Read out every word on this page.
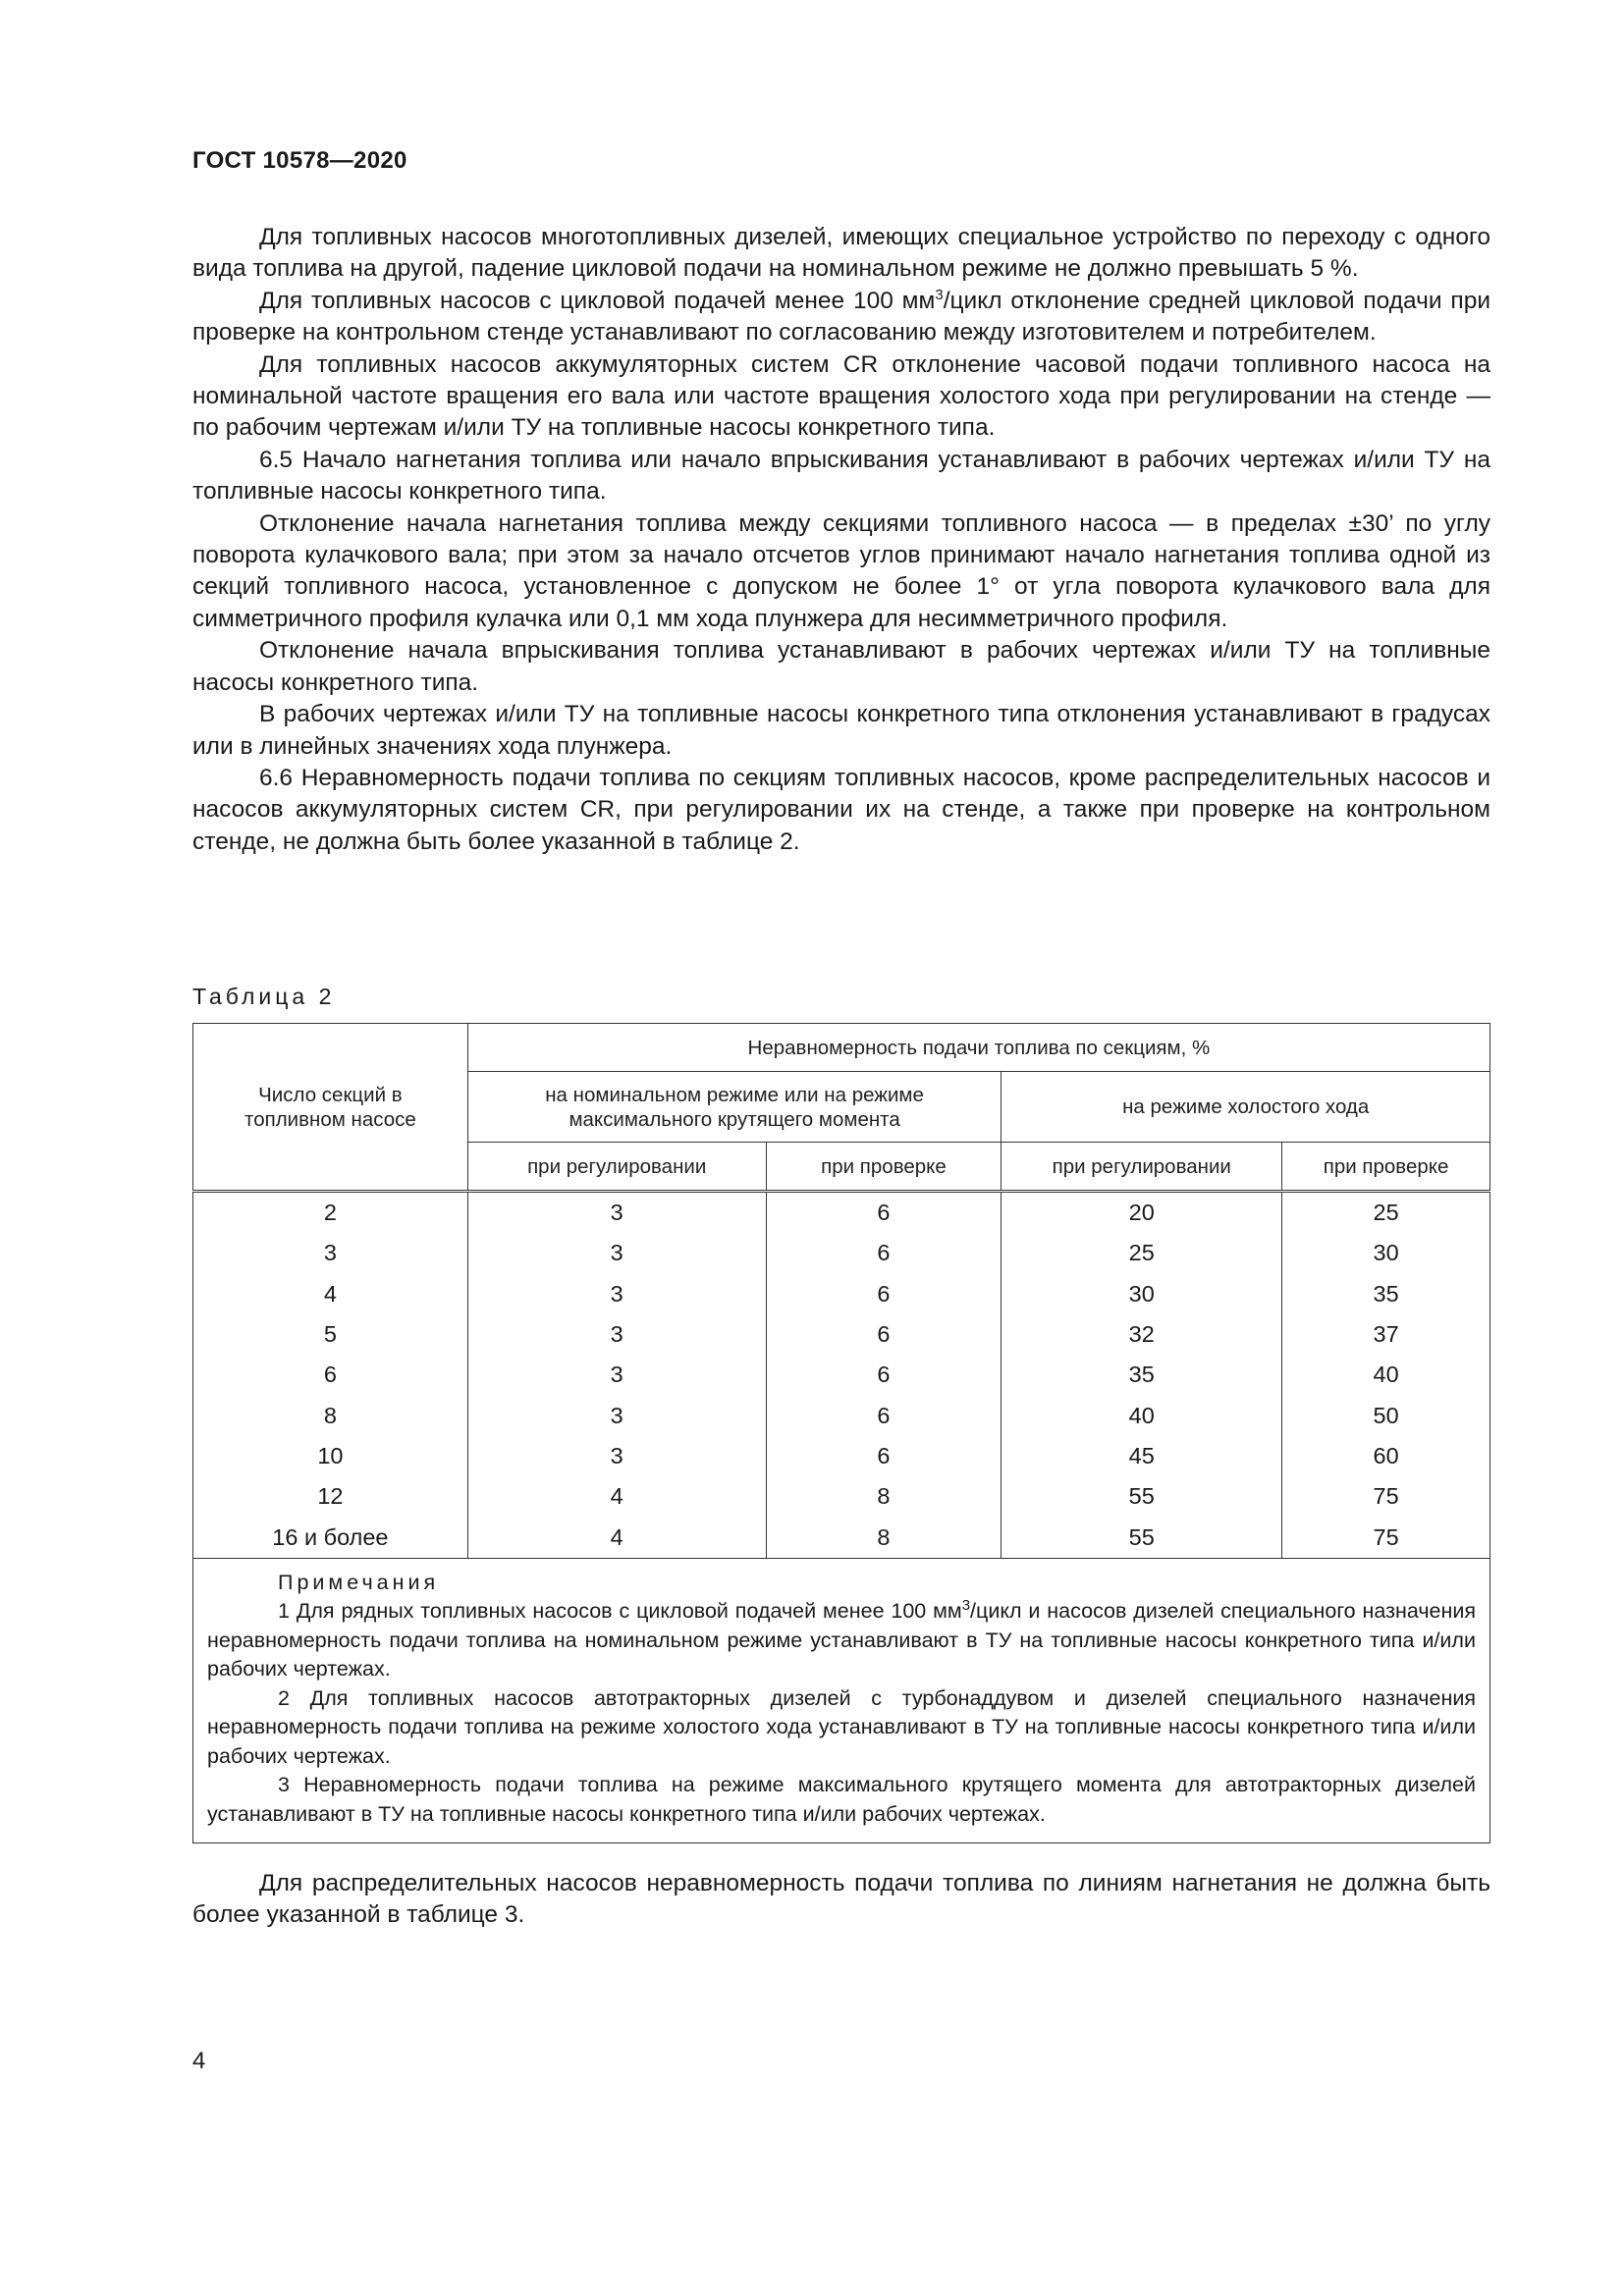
ГОСТ 10578—2020

Для топливных насосов многотопливных дизелей, имеющих специальное устройство по переходу с одного вида топлива на другой, падение цикловой подачи на номинальном режиме не должно превышать 5 %.

Для топливных насосов с цикловой подачей менее 100 $мм^3$/цикл отклонение средней цикловой подачи при проверке на контрольном стенде устанавливают по согласованию между изготовителем и потребителем.

Для топливных насосов аккумуляторных систем CR отклонение часовой подачи топливного насоса на номинальной частоте вращения его вала или частоте вращения холостого хода при регулировании на стенде — по рабочим чертежам и/или ТУ на топливные насосы конкретного типа.

6.5 Начало нагнетания топлива или начало впрыскивания устанавливают в рабочих чертежах и/или ТУ на топливные насосы конкретного типа.

Отклонение начала нагнетания топлива между секциями топливного насоса — в пределах ±30’ по углу поворота кулачкового вала; при этом за начало отсчетов углов принимают начало нагнетания топлива одной из секций топливного насоса, установленное с допуском не более 1° от угла поворота кулачкового вала для симметричного профиля кулачка или 0,1 мм хода плунжера для несимметричного профиля.

Отклонение начала впрыскивания топлива устанавливают в рабочих чертежах и/или ТУ на топливные насосы конкретного типа.

В рабочих чертежах и/или ТУ на топливные насосы конкретного типа отклонения устанавливают в градусах или в линейных значениях хода плунжера.

6.6 Неравномерность подачи топлива по секциям топливных насосов, кроме распределительных насосов и насосов аккумуляторных систем CR, при регулировании их на стенде, а также при проверке на контрольном стенде, не должна быть более указанной в таблице 2.

Таблица 2
Число секций в топливном насосе	Неравномерность подачи топлива по секциям, %			
	на номинальном режиме или на режиме максимального крутящего момента		на режиме холостого хода	
	при регулировании	при проверке	при регулировании	при проверке
2	3	6	20	25
3	3	6	25	30
4	3	6	30	35
5	3	6	32	37
6	3	6	35	40
8	3	6	40	50
10	3	6	45	60
12	4	8	55	75
16 и более	4	8	55	75

Примечания

1 Для рядных топливных насосов с цикловой подачей менее 100 $мм^3$/цикл и насосов дизелей специального назначения неравномерность подачи топлива на номинальном режиме устанавливают в ТУ на топливные насосы конкретного типа и/или рабочих чертежах.

2 Для топливных насосов автотракторных дизелей с турбонаддувом и дизелей специального назначения неравномерность подачи топлива на режиме холостого хода устанавливают в ТУ на топливные насосы конкретного типа и/или рабочих чертежах.

3 Неравномерность подачи топлива на режиме максимального крутящего момента для автотракторных дизелей устанавливают в ТУ на топливные насосы конкретного типа и/или рабочих чертежах.				

Для распределительных насосов неравномерность подачи топлива по линиям нагнетания не должна быть более указанной в таблице 3.

4
